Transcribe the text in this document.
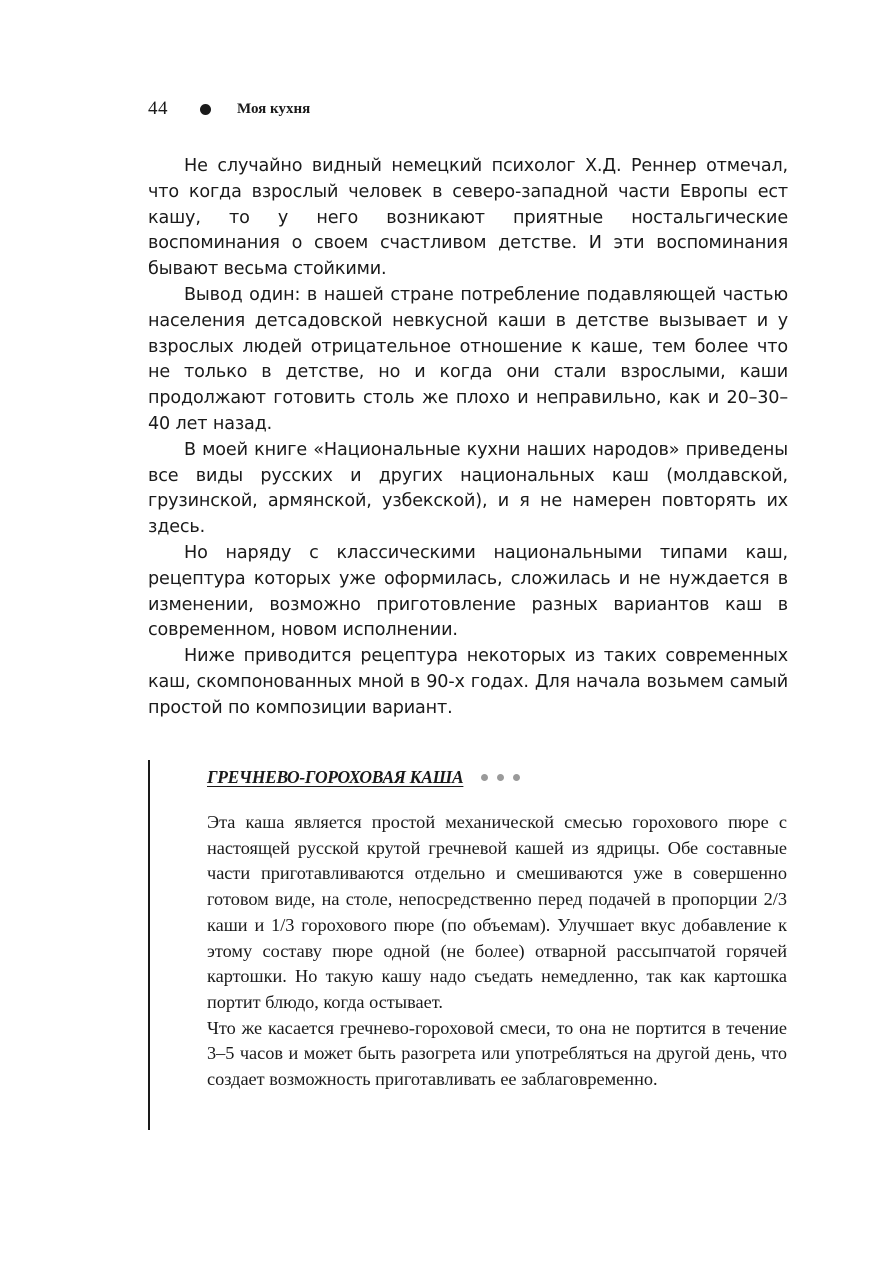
44	Моя кухня

Не случайно видный немецкий психолог Х.Д. Реннер отмечал, что когда взрослый человек в северо-западной части Европы ест кашу, то у него возникают приятные ностальгические воспоминания о своем счастливом детстве. И эти воспоминания бывают весьма стойкими.

Вывод один: в нашей стране потребление подавляющей частью населения детсадовской невкусной каши в детстве вызывает и у взрослых людей отрицательное отношение к каше, тем более что не только в детстве, но и когда они стали взрослыми, каши продолжают готовить столь же плохо и неправильно, как и 20–30–40 лет назад.

В моей книге «Национальные кухни наших народов» приведены все виды русских и других национальных каш (молдавской, грузинской, армянской, узбекской), и я не намерен повторять их здесь.

Но наряду с классическими национальными типами каш, рецептура которых уже оформилась, сложилась и не нуждается в изменении, возможно приготовление разных вариантов каш в современном, новом исполнении.

Ниже приводится рецептура некоторых из таких современных каш, скомпонованных мной в 90-х годах. Для начала возьмем самый простой по композиции вариант.

ГРЕЧНЕВО-ГОРОХОВАЯ КАША

Эта каша является простой механической смесью горохового пюре с настоящей русской крутой гречневой кашей из ядрицы. Обе составные части приготавливаются отдельно и смешиваются уже в совершенно готовом виде, на столе, непосредственно перед подачей в пропорции 2/3 каши и 1/3 горохового пюре (по объемам). Улучшает вкус добавление к этому составу пюре одной (не более) отварной рассыпчатой горячей картошки. Но такую кашу надо съедать немедленно, так как картошка портит блюдо, когда остывает.

Что же касается гречнево-гороховой смеси, то она не портится в течение 3–5 часов и может быть разогрета или употребляться на другой день, что создает возможность приготавливать ее заблаговременно.
